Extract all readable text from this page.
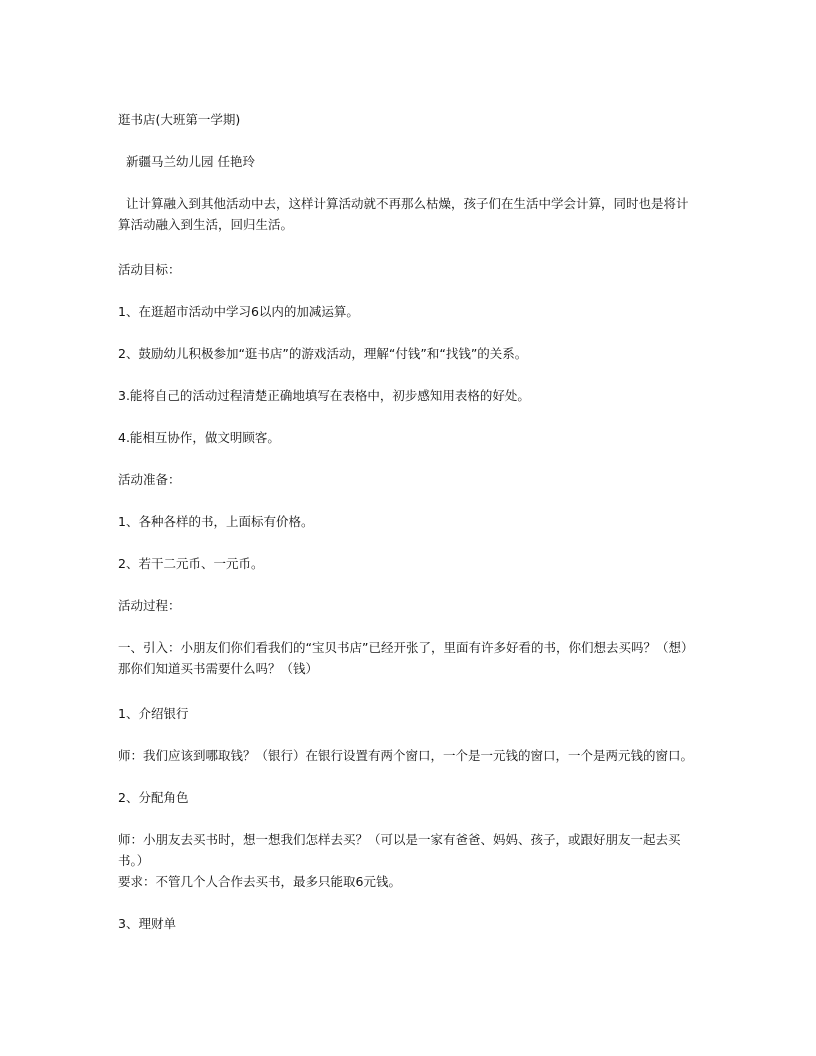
逛书店(大班第一学期)

新疆马兰幼儿园 任艳玲

让计算融入到其他活动中去，这样计算活动就不再那么枯燥，孩子们在生活中学会计算，同时也是将计算活动融入到生活，回归生活。

活动目标：

1、在逛超市活动中学习6以内的加减运算。

2、鼓励幼儿积极参加“逛书店”的游戏活动，理解“付钱”和“找钱”的关系。

3.能将自己的活动过程清楚正确地填写在表格中，初步感知用表格的好处。

4.能相互协作，做文明顾客。

活动准备：

1、各种各样的书，上面标有价格。

2、若干二元币、一元币。

活动过程：

一、引入：小朋友们你们看我们的“宝贝书店”已经开张了，里面有许多好看的书，你们想去买吗？（想）那你们知道买书需要什么吗？（钱）

1、介绍银行

师：我们应该到哪取钱？（银行）在银行设置有两个窗口，一个是一元钱的窗口，一个是两元钱的窗口。

2、分配角色

师：小朋友去买书时，想一想我们怎样去买？（可以是一家有爸爸、妈妈、孩子，或跟好朋友一起去买书。）

要求：不管几个人合作去买书，最多只能取6元钱。

3、理财单
